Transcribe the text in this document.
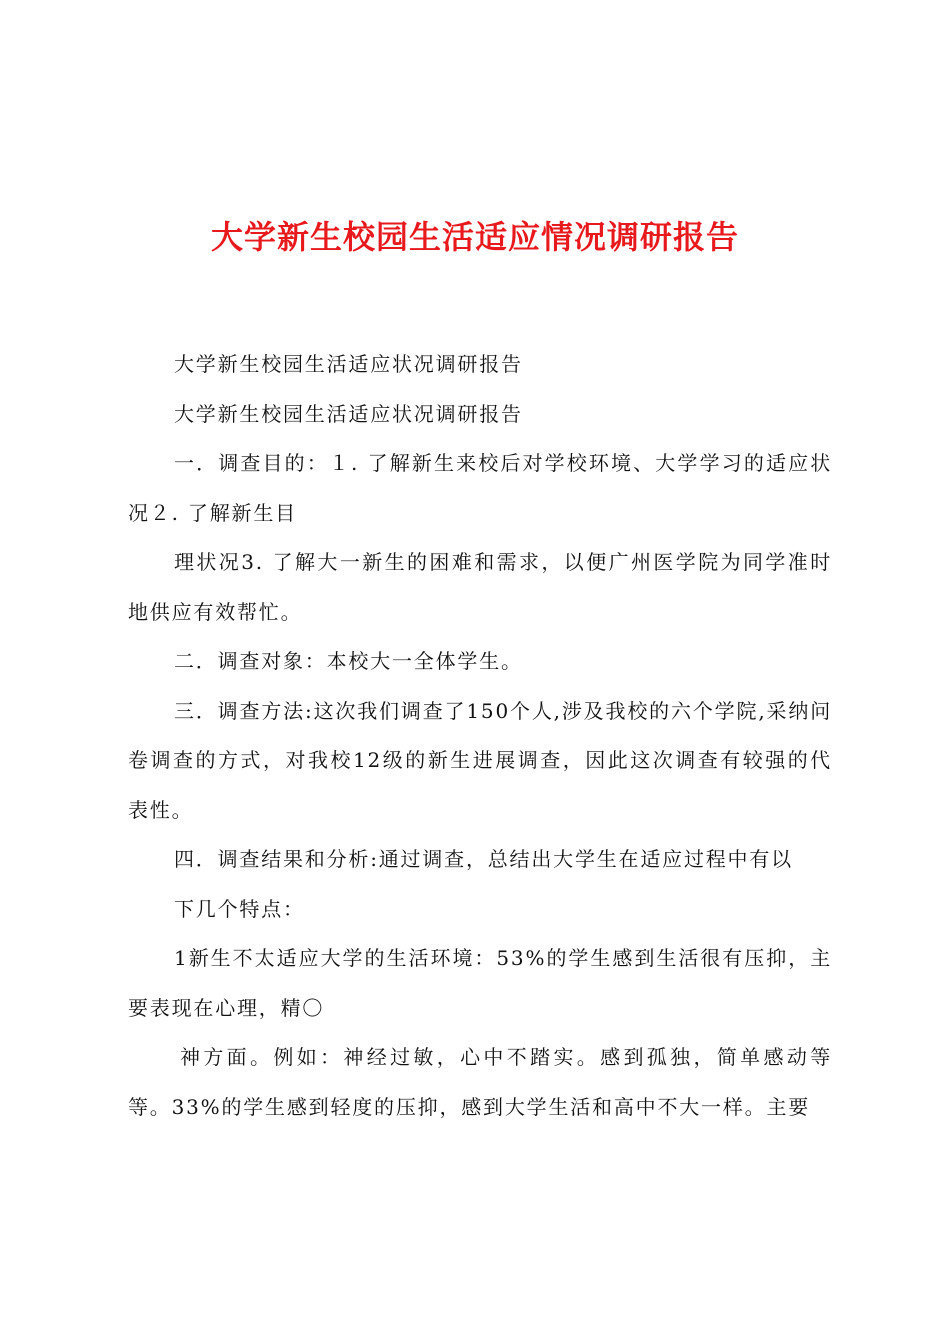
大学新生校园生活适应情况调研报告

大学新生校园生活适应状况调研报告

大学新生校园生活适应状况调研报告

一．调查目的：１. 了解新生来校后对学校环境、大学学习的适应状况２. 了解新生目

理状况3. 了解大一新生的困难和需求，以便广州医学院为同学准时地供应有效帮忙。

二．调查对象：本校大一全体学生。

三．调查方法:这次我们调查了150个人,涉及我校的六个学院,采纳问卷调查的方式，对我校12级的新生进展调查，因此这次调查有较强的代表性。

四．调查结果和分析:通过调查，总结出大学生在适应过程中有以

下几个特点：

1新生不太适应大学的生活环境：53%的学生感到生活很有压抑，主要表现在心理，精〇

神方面。例如：神经过敏，心中不踏实。感到孤独，简单感动等等。33%的学生感到轻度的压抑，感到大学生活和高中不大一样。主要
